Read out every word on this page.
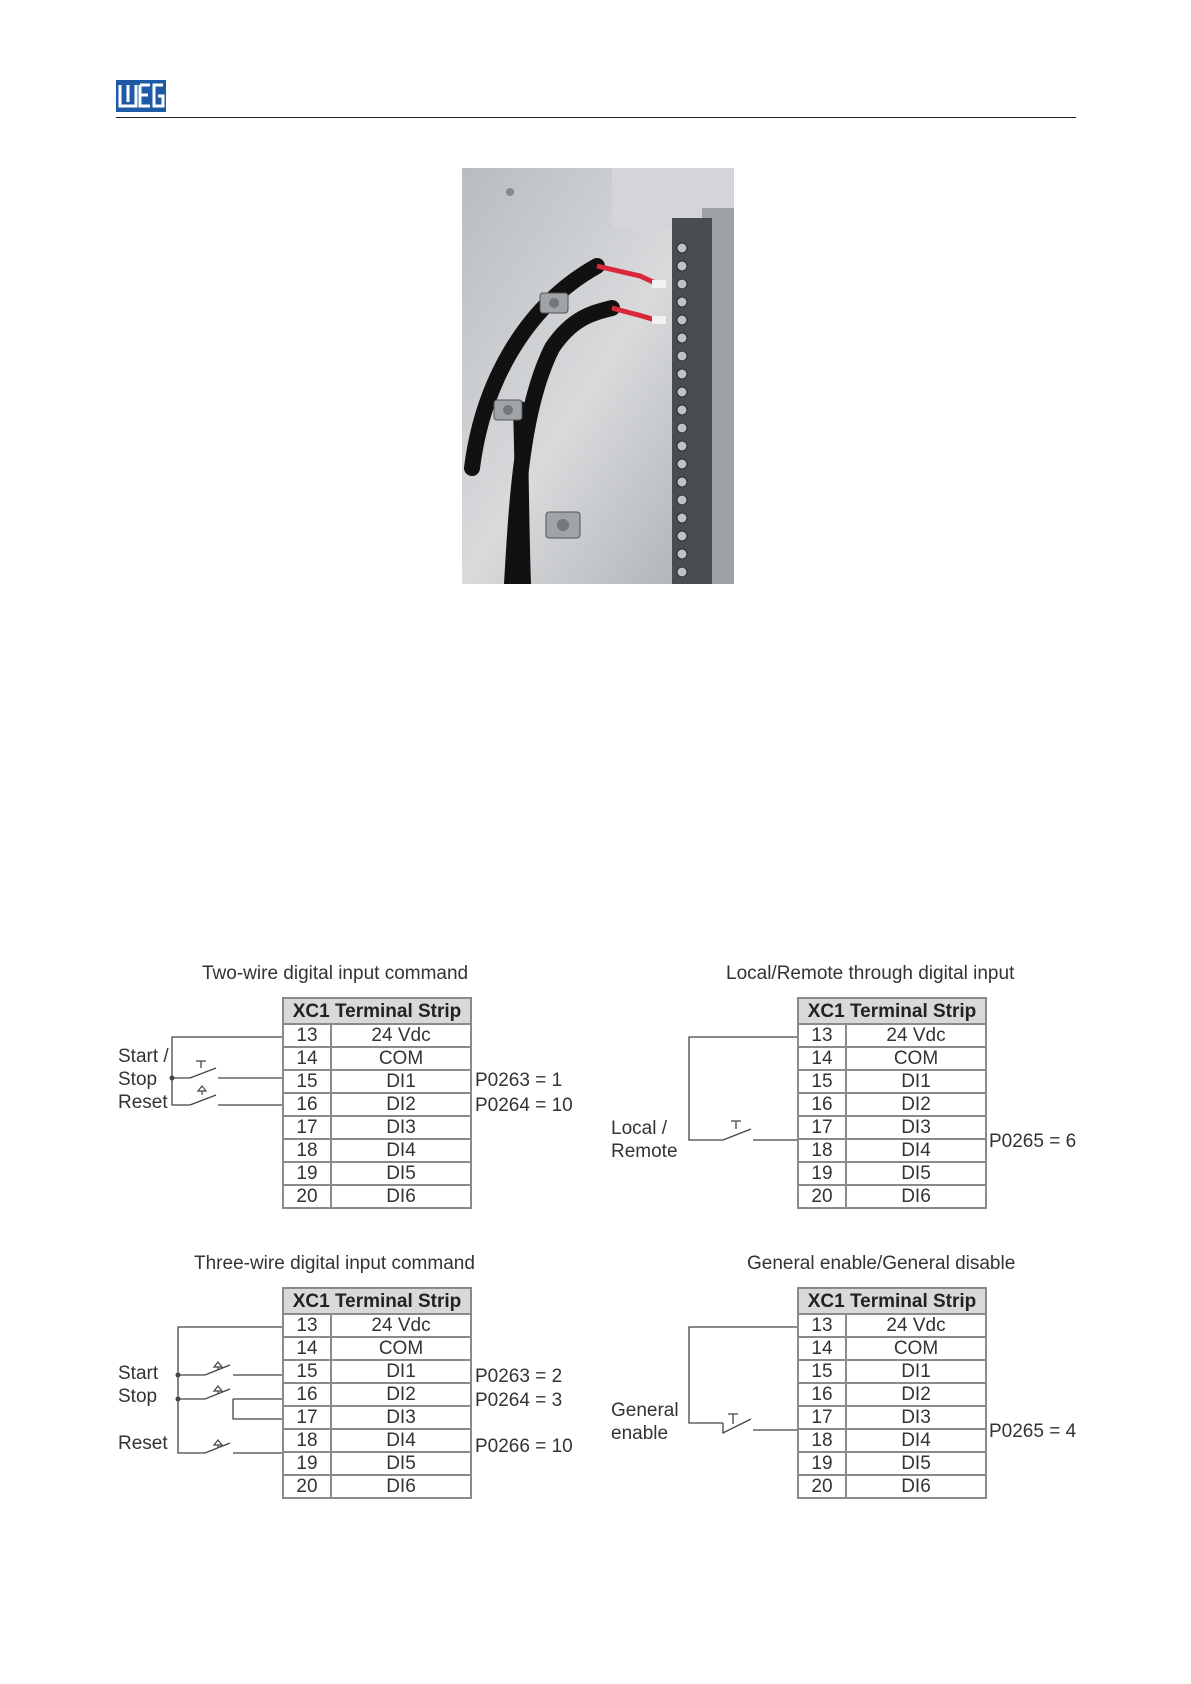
Two-wire digital input command
XC1 Terminal Strip	
13	24 Vdc
14	COM
15	DI1
16	DI2
17	DI3
18	DI4
19	DI5
20	DI6
Start /
Stop
Reset
P0263 = 1
P0264 = 10
Local/Remote through digital input
XC1 Terminal Strip	
13	24 Vdc
14	COM
15	DI1
16	DI2
17	DI3
18	DI4
19	DI5
20	DI6
Local /
Remote	P0265 = 6
Three-wire digital input command
XC1 Terminal Strip	
13	24 Vdc
14	COM
15	DI1
16	DI2
17	DI3
18	DI4
19	DI5
20	DI6
Start
Stop
Reset
P0263 = 2
P0264 = 3
P0266 = 10
General enable/General disable
XC1 Terminal Strip	
13	24 Vdc
14	COM
15	DI1
16	DI2
17	DI3
18	DI4
19	DI5
20	DI6
General
enable	P0265 = 4
